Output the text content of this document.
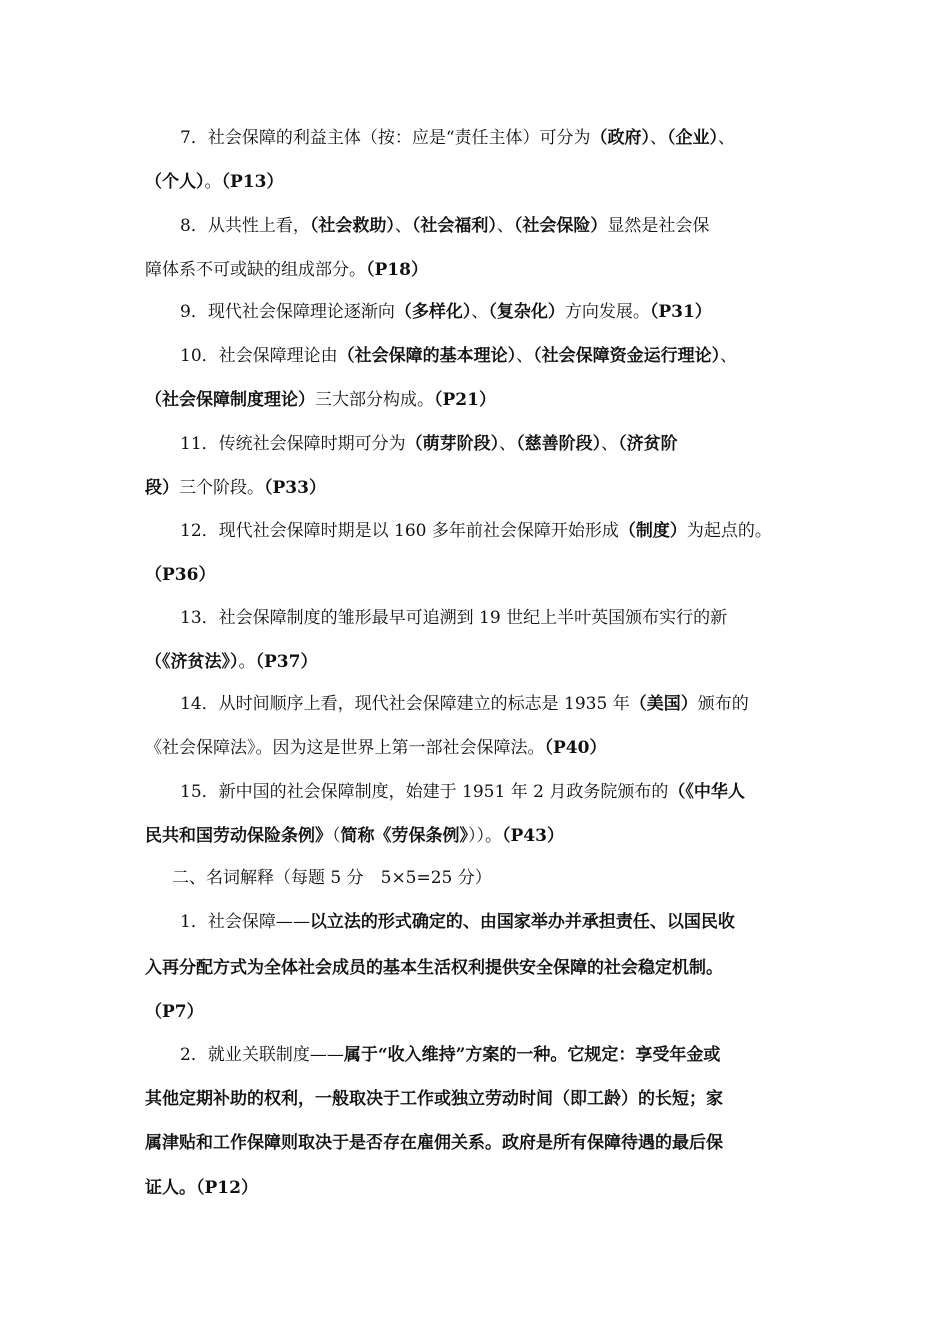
7．社会保障的利益主体（按：应是“责任主体）可分为（政府）、（企业）、
（个人）。（P13）
8．从共性上看，（社会救助）、（社会福利）、（社会保险）显然是社会保
障体系不可或缺的组成部分。（P18）
9．现代社会保障理论逐渐向（多样化）、（复杂化）方向发展。（P31）
10．社会保障理论由（社会保障的基本理论）、（社会保障资金运行理论）、
（社会保障制度理论）三大部分构成。（P21）
11．传统社会保障时期可分为（萌芽阶段）、（慈善阶段）、（济贫阶
段）三个阶段。（P33）
12．现代社会保障时期是以 160 多年前社会保障开始形成（制度）为起点的。
（P36）
13．社会保障制度的雏形最早可追溯到 19 世纪上半叶英国颁布实行的新
（《济贫法》）。（P37）
14．从时间顺序上看，现代社会保障建立的标志是 1935 年（美国）颁布的
《社会保障法》。因为这是世界上第一部社会保障法。（P40）
15．新中国的社会保障制度，始建于 1951 年 2 月政务院颁布的（《中华人
民共和国劳动保险条例》（简称《劳保条例》））。（P43）
二、名词解释（每题 5 分　5×5=25 分）
1．社会保障——以立法的形式确定的、由国家举办并承担责任、以国民收
入再分配方式为全体社会成员的基本生活权利提供安全保障的社会稳定机制。
（P7）
2．就业关联制度——属于“收入维持”方案的一种。它规定：享受年金或
其他定期补助的权利，一般取决于工作或独立劳动时间（即工龄）的长短；家
属津贴和工作保障则取决于是否存在雇佣关系。政府是所有保障待遇的最后保
证人。（P12）
